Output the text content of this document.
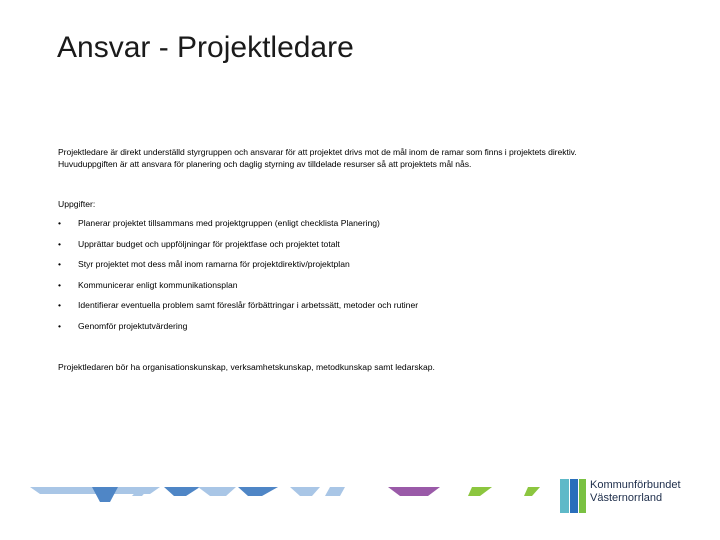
Ansvar - Projektledare

Projektledare är direkt underställd styrgruppen och ansvarar för att projektet drivs mot de mål inom de ramar som finns i projektets direktiv.

Huvuduppgiften är att ansvara för planering och daglig styrning av tilldelade resurser så att projektets mål nås.

Uppgifter:
• Planerar projektet tillsammans med projektgruppen (enligt checklista Planering)
• Upprättar budget och uppföljningar för projektfase och projektet totalt
• Styr projektet mot dess mål inom ramarna för projektdirektiv/projektplan
• Kommunicerar enligt kommunikationsplan
• Identifierar eventuella problem samt föreslår förbättringar i arbetssätt, metoder och rutiner
• Genomför projektutvärdering
Projektledaren bör ha organisationskunskap, verksamhetskunskap, metodkunskap samt ledarskap.
Kommunförbundet
Västernorrland
